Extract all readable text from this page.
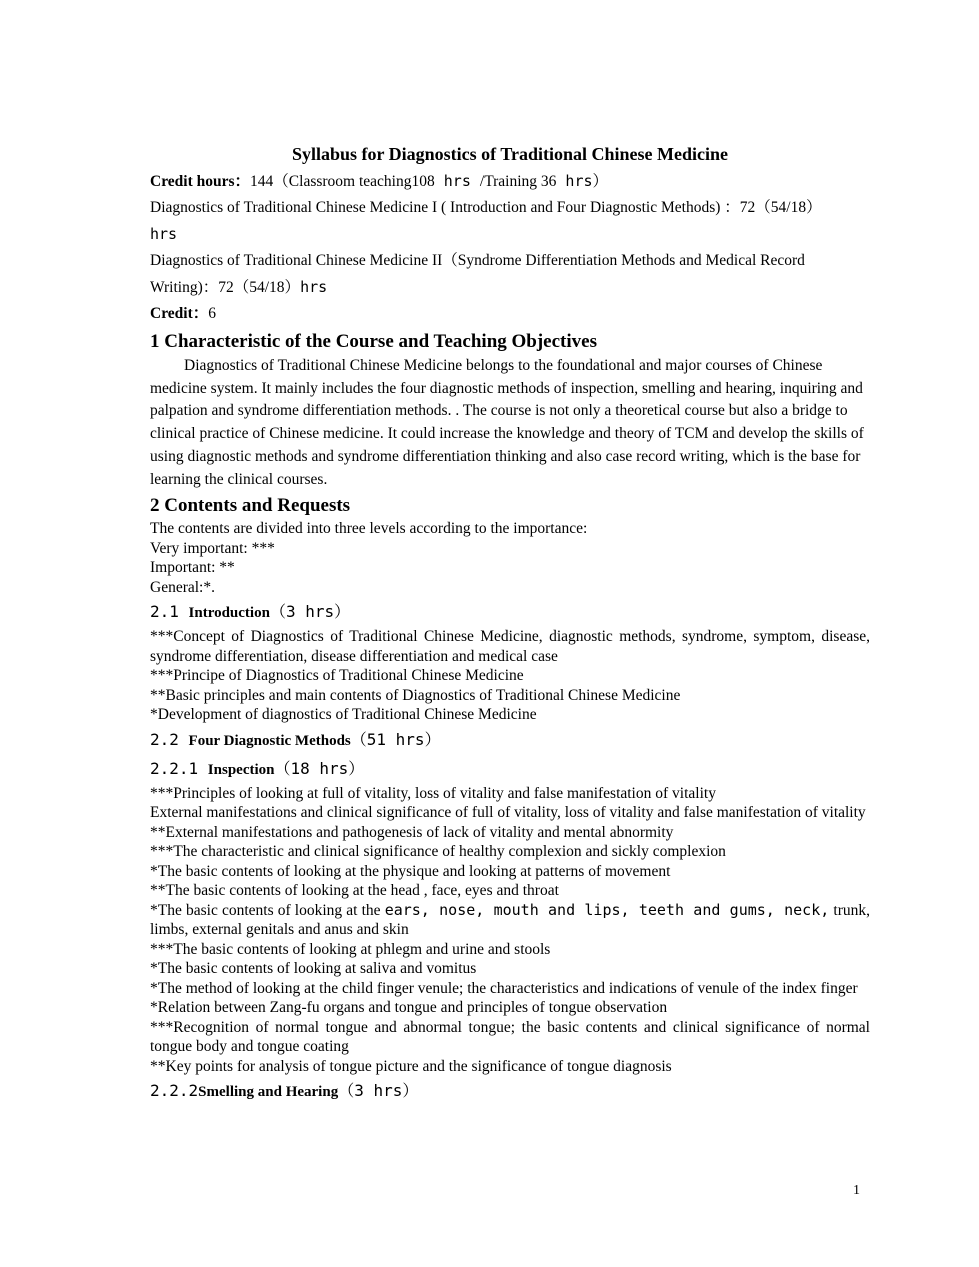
Syllabus for Diagnostics of Traditional Chinese Medicine

Credit hours：144（Classroom teaching108 hrs /Training 36 hrs）

Diagnostics of Traditional Chinese Medicine I ( Introduction and Four Diagnostic Methods) ：72（54/18）
hrs

Diagnostics of Traditional Chinese Medicine II（Syndrome Differentiation Methods and Medical Record Writing)：72（54/18）hrs

Credit：6

1 Characteristic of the Course and Teaching Objectives

Diagnostics of Traditional Chinese Medicine belongs to the foundational and major courses of Chinese medicine system. It mainly includes the four diagnostic methods of inspection, smelling and hearing, inquiring and palpation and syndrome differentiation methods. . The course is not only a theoretical course but also a bridge to clinical practice of Chinese medicine. It could increase the knowledge and theory of TCM and develop the skills of using diagnostic methods and syndrome differentiation thinking and also case record writing, which is the base for learning the clinical courses.

2 Contents and Requests

The contents are divided into three levels according to the importance:

Very important: ***

Important: **

General:*.

2.1 Introduction（3 hrs）

***Concept of Diagnostics of Traditional Chinese Medicine, diagnostic methods, syndrome, symptom, disease, syndrome differentiation, disease differentiation and medical case

***Principe of Diagnostics of Traditional Chinese Medicine

**Basic principles and main contents of Diagnostics of Traditional Chinese Medicine

*Development of diagnostics of Traditional Chinese Medicine

2.2 Four Diagnostic Methods（51 hrs）

2.2.1 Inspection（18 hrs）

***Principles of looking at full of vitality, loss of vitality and false manifestation of vitality

External manifestations and clinical significance of full of vitality, loss of vitality and false manifestation of vitality

**External manifestations and pathogenesis of lack of vitality and mental abnormity

***The characteristic and clinical significance of healthy complexion and sickly complexion

*The basic contents of looking at the physique and looking at patterns of movement

**The basic contents of looking at the head , face, eyes and throat

*The basic contents of looking at the ears, nose, mouth and lips, teeth and gums, neck, trunk, limbs, external genitals and anus and skin

***The basic contents of looking at phlegm and urine and stools

*The basic contents of looking at saliva and vomitus

*The method of looking at the child finger venule; the characteristics and indications of venule of the index finger

*Relation between Zang-fu organs and tongue and principles of tongue observation

***Recognition of normal tongue and abnormal tongue; the basic contents and clinical significance of normal tongue body and tongue coating

**Key points for analysis of tongue picture and the significance of tongue diagnosis

2.2.2Smelling and Hearing（3 hrs）

1
